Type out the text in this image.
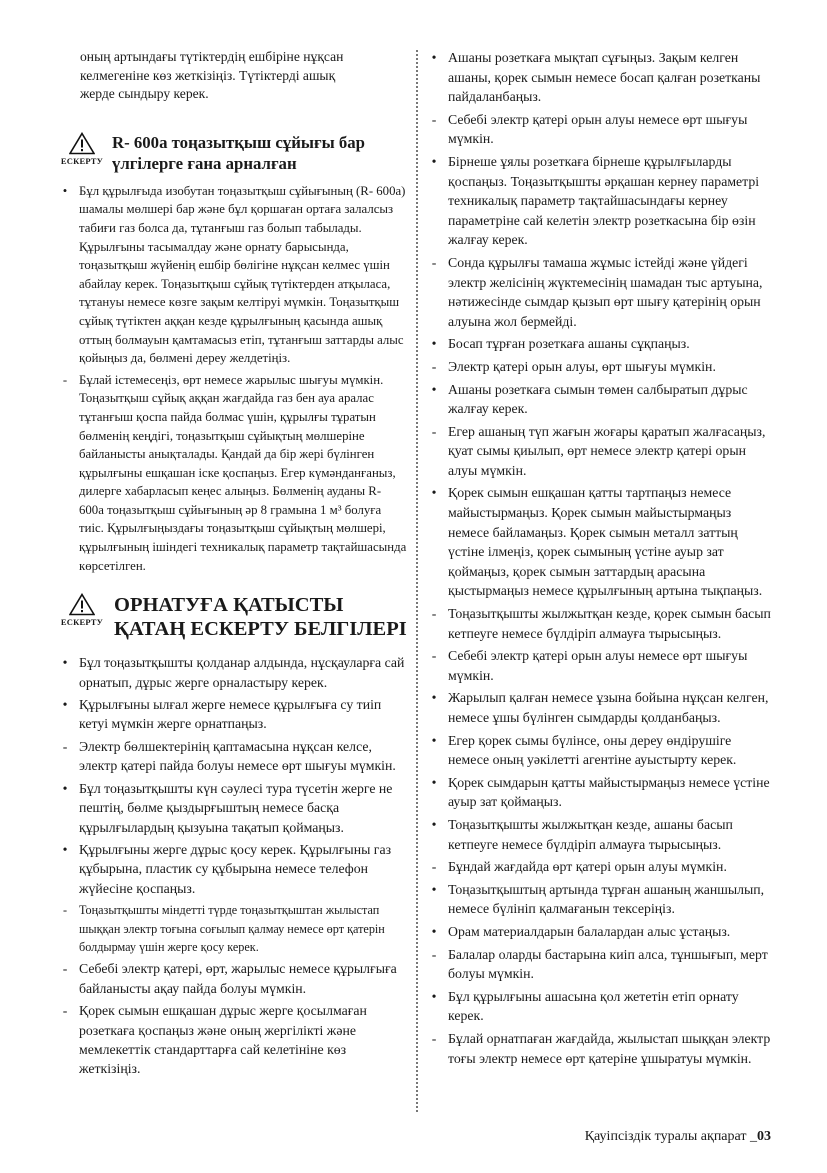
оның артындағы түтіктердің ешбіріне нұқсан

келмегеніне көз жеткізіңіз. Түтіктерді ашық

жерде сындыру керек.

ЕСКЕРТУ
R- 600а тоңазытқыш сұйығы бар
үлгілерге ғана арналған
• Бұл құрылғыда изобутан тоңазытқыш сұйығының (R- 600a) шамалы мөлшері бар және бұл қоршаған ортаға залалсыз табиғи газ болса да, тұтанғыш газ болып табылады. Құрылғыны тасымалдау және орнату барысында, тоңазытқыш жүйенің ешбір бөлігіне нұқсан келмес үшін абайлау керек. Тоңазытқыш сұйық түтіктерден атқыласа, тұтануы немесе көзге зақым келтіруі мүмкін. Тоңазытқыш сұйық түтіктен аққан кезде құрылғының қасында ашық оттың болмауын қамтамасыз етіп, тұтанғыш заттарды алыс қойыңыз да, бөлмені дереу желдетіңіз.
- Бұлай істемесеңіз, өрт немесе жарылыс шығуы мүмкін. Тоңазытқыш сұйық аққан жағдайда газ бен ауа аралас тұтанғыш қоспа пайда болмас үшін, құрылғы тұратын бөлменің кеңдігі, тоңазытқыш сұйықтың мөлшеріне байланысты анықталады. Қандай да бір жері бүлінген құрылғыны ешқашан іске қоспаңыз. Егер күмәнданғаныз, дилерге хабарласып кеңес алыңыз. Бөлменің ауданы R- 600a тоңазытқыш сұйығының әр 8 грамына 1 м³ болуға тиіс. Құрылғыңыздағы тоңазытқыш сұйықтың мөлшері, құрылғының ішіндегі техникалық параметр тақтайшасында көрсетілген.
ЕСКЕРТУ
ОРНАТУҒА ҚАТЫСТЫ
ҚАТАҢ ЕСКЕРТУ БЕЛГІЛЕРІ
• Бұл тоңазытқышты қолданар алдында, нұсқауларға сай орнатып, дұрыс жерге орналастыру керек.
• Құрылғыны ылғал жерге немесе құрылғыға су тиіп кетуі мүмкін жерге орнатпаңыз.
- Электр бөлшектерінің қаптамасына нұқсан келсе, электр қатері пайда болуы немесе өрт шығуы мүмкін.
• Бұл тоңазытқышты күн сәулесі тура түсетін жерге не пештің, бөлме қыздырғыштың немесе басқа құрылғылардың қызуына тақатып қоймаңыз.
• Құрылғыны жерге дұрыс қосу керек. Құрылғыны газ құбырына, пластик су құбырына немесе телефон жүйесіне қоспаңыз.
- Тоңазытқышты міндетті түрде тоңазытқыштан жылыстап шыққан электр тоғына соғылып қалмау немесе өрт қатерін болдырмау үшін жерге қосу керек.
- Себебі электр қатері, өрт, жарылыс немесе құрылғыға байланысты ақау пайда болуы мүмкін.
- Қорек сымын ешқашан дұрыс жерге қосылмаған розеткаға қоспаңыз және оның жергілікті және мемлекеттік стандарттарға сай келетініне көз жеткізіңіз.
• Ашаны розеткаға мықтап сұғыңыз. Зақым келген ашаны, қорек сымын немесе босап қалған розетканы пайдаланбаңыз.
- Себебі электр қатері орын алуы немесе өрт шығуы мүмкін.
• Бірнеше ұялы розеткаға бірнеше құрылғыларды қоспаңыз. Тоңазытқышты әрқашан кернеу параметрі техникалық параметр тақтайшасындағы кернеу параметріне сай келетін электр розеткасына бір өзін жалғау керек.
- Сонда құрылғы тамаша жұмыс істейді және үйдегі электр желісінің жүктемесінің шамадан тыс артуына, нәтижесінде сымдар қызып өрт шығу қатерінің орын алуына жол бермейді.
• Босап тұрған розеткаға ашаны сұқпаңыз.
- Электр қатері орын алуы, өрт шығуы мүмкін.
• Ашаны розеткаға сымын төмен салбыратып дұрыс жалғау керек.
- Егер ашаның түп жағын жоғары қаратып жалғасаңыз, қуат сымы қиылып, өрт немесе электр қатері орын алуы мүмкін.
• Қорек сымын ешқашан қатты тартпаңыз немесе майыстырмаңыз. Қорек сымын майыстырмаңыз немесе байламаңыз. Қорек сымын металл заттың үстіне ілмеңіз, қорек сымының үстіне ауыр зат қоймаңыз, қорек сымын заттардың арасына қыстырмаңыз немесе құрылғының артына тықпаңыз.
- Тоңазытқышты жылжытқан кезде, қорек сымын басып кетпеуге немесе бүлдіріп алмауға тырысыңыз.
- Себебі электр қатері орын алуы немесе өрт шығуы мүмкін.
• Жарылып қалған немесе ұзына бойына нұқсан келген, немесе ұшы бүлінген сымдарды қолданбаңыз.
• Егер қорек сымы бүлінсе, оны дереу өндірушіге немесе оның уәкілетті агентіне ауыстырту керек.
• Қорек сымдарын қатты майыстырмаңыз немесе үстіне ауыр зат қоймаңыз.
• Тоңазытқышты жылжытқан кезде, ашаны басып кетпеуге немесе бүлдіріп алмауға тырысыңыз.
- Бұндай жағдайда өрт қатері орын алуы мүмкін.
• Тоңазытқыштың артында тұрған ашаның жаншылып, немесе бүлініп қалмағанын тексеріңіз.
• Орам материалдарын балалардан алыс ұстаңыз.
- Балалар оларды бастарына киіп алса, тұншығып, мерт болуы мүмкін.
• Бұл құрылғыны ашасына қол жететін етіп орнату керек.
- Бұлай орнатпаған жағдайда, жылыстап шыққан электр тоғы электр немесе өрт қатеріне ұшыратуы мүмкін.
Қауіпсіздік туралы ақпарат _03
